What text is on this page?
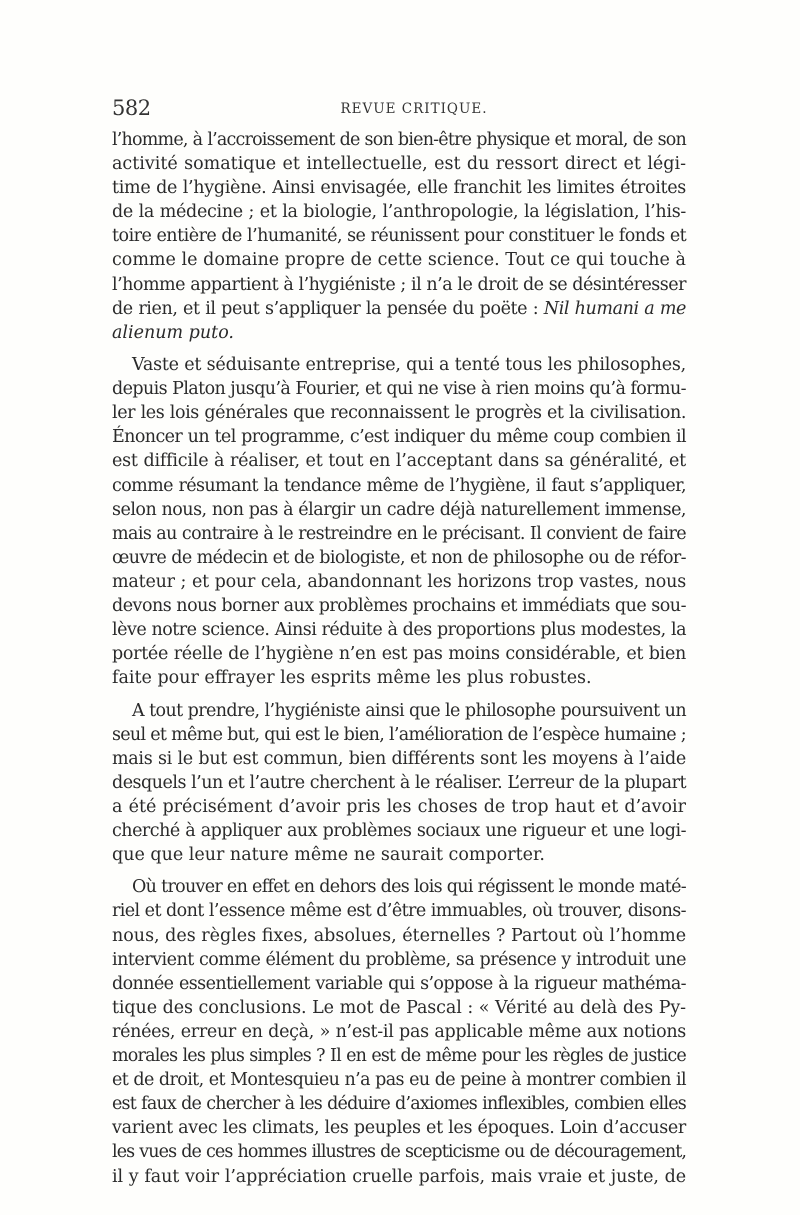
582	REVUE CRITIQUE.
l’homme, à l’accroissement de son bien-être physique et moral, de son
activité somatique et intellectuelle, est du ressort direct et légi-
time de l’hygiène. Ainsi envisagée, elle franchit les limites étroites
de la médecine ; et la biologie, l’anthropologie, la législation, l’his-
toire entière de l’humanité, se réunissent pour constituer le fonds et
comme le domaine propre de cette science. Tout ce qui touche à
l’homme appartient à l’hygiéniste ; il n’a le droit de se désintéresser
de rien, et il peut s’appliquer la pensée du poëte : Nil humani a me
alienum puto.
Vaste et séduisante entreprise, qui a tenté tous les philosophes,
depuis Platon jusqu’à Fourier, et qui ne vise à rien moins qu’à formu-
ler les lois générales que reconnaissent le progrès et la civilisation.
Énoncer un tel programme, c’est indiquer du même coup combien il
est difficile à réaliser, et tout en l’acceptant dans sa généralité, et
comme résumant la tendance même de l’hygiène, il faut s’appliquer,
selon nous, non pas à élargir un cadre déjà naturellement immense,
mais au contraire à le restreindre en le précisant. Il convient de faire
œuvre de médecin et de biologiste, et non de philosophe ou de réfor-
mateur ; et pour cela, abandonnant les horizons trop vastes, nous
devons nous borner aux problèmes prochains et immédiats que sou-
lève notre science. Ainsi réduite à des proportions plus modestes, la
portée réelle de l’hygiène n’en est pas moins considérable, et bien
faite pour effrayer les esprits même les plus robustes.
A tout prendre, l’hygiéniste ainsi que le philosophe poursuivent un
seul et même but, qui est le bien, l’amélioration de l’espèce humaine ;
mais si le but est commun, bien différents sont les moyens à l’aide
desquels l’un et l’autre cherchent à le réaliser. L’erreur de la plupart
a été précisément d’avoir pris les choses de trop haut et d’avoir
cherché à appliquer aux problèmes sociaux une rigueur et une logi-
que que leur nature même ne saurait comporter.
Où trouver en effet en dehors des lois qui régissent le monde maté-
riel et dont l’essence même est d’être immuables, où trouver, disons-
nous, des règles fixes, absolues, éternelles ? Partout où l’homme
intervient comme élément du problème, sa présence y introduit une
donnée essentiellement variable qui s’oppose à la rigueur mathéma-
tique des conclusions. Le mot de Pascal : « Vérité au delà des Py-
rénées, erreur en deçà, » n’est-il pas applicable même aux notions
morales les plus simples ? Il en est de même pour les règles de justice
et de droit, et Montesquieu n’a pas eu de peine à montrer combien il
est faux de chercher à les déduire d’axiomes inflexibles, combien elles
varient avec les climats, les peuples et les époques. Loin d’accuser
les vues de ces hommes illustres de scepticisme ou de découragement,
il y faut voir l’appréciation cruelle parfois, mais vraie et juste, de
